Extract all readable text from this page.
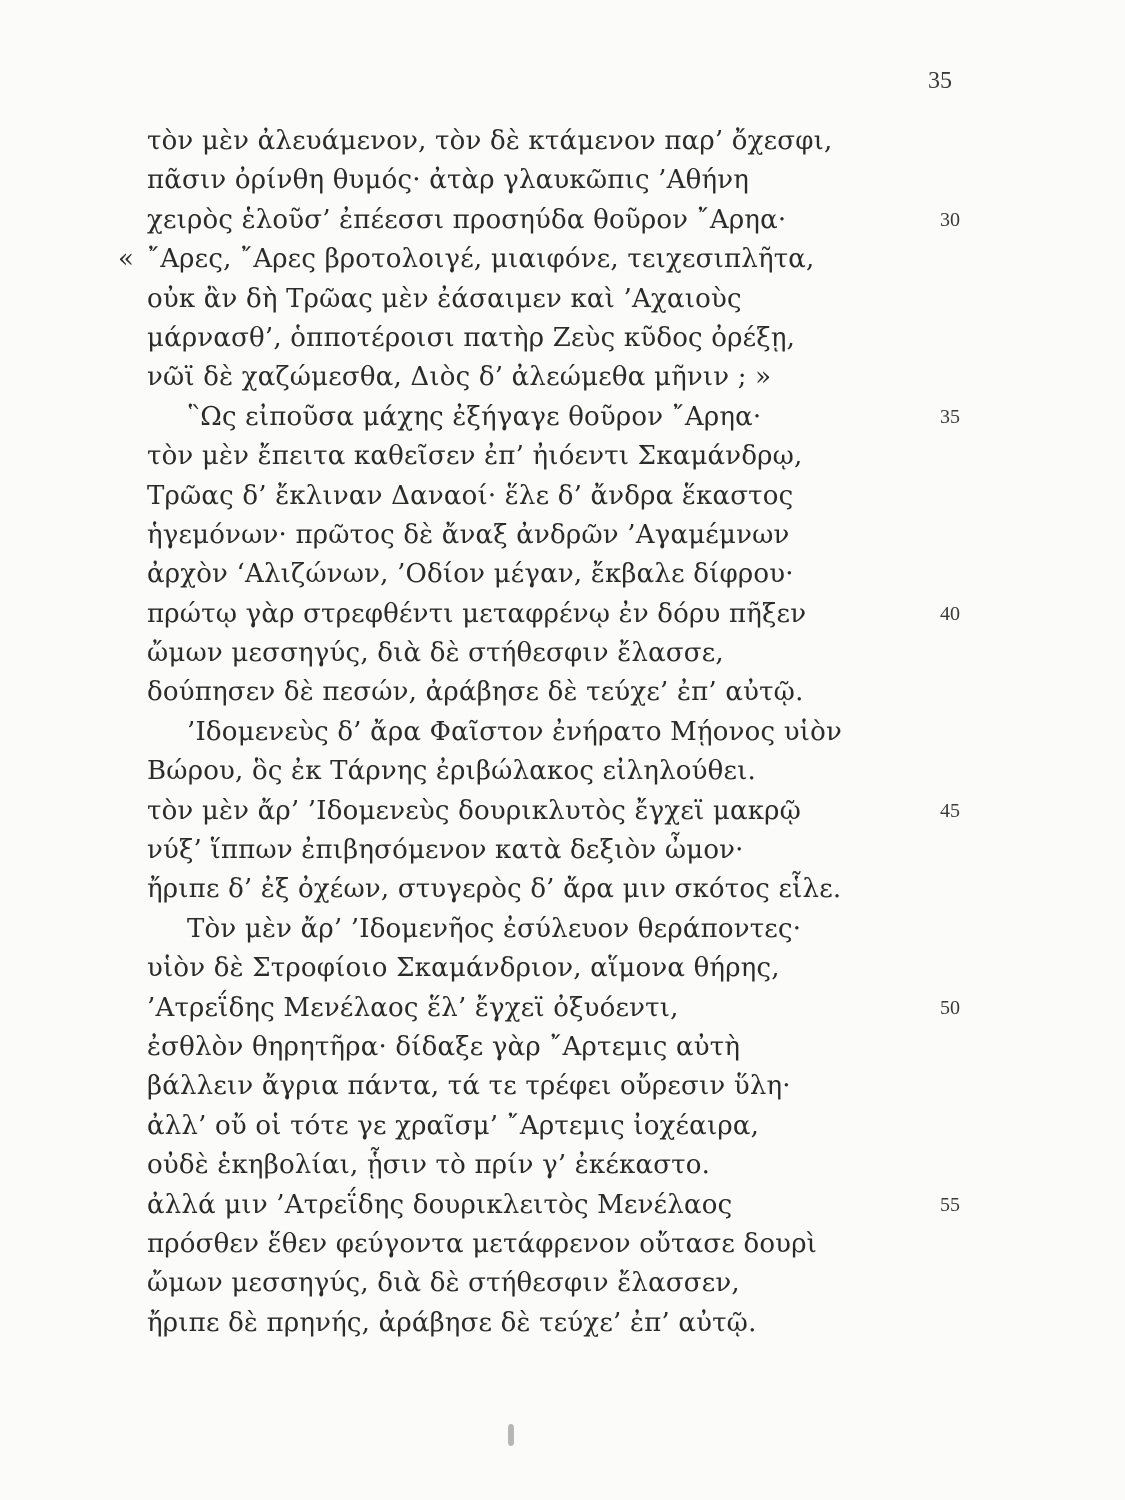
35
τὸν μὲν ἀλευάμενον, τὸν δὲ κτάμενον παρ’ ὄχεσφι,
πᾶσιν ὀρίνθη θυμός· ἀτὰρ γλαυκῶπις ’Αθήνη
χειρὸς ἑλοῦσ’ ἐπέεσσι προσηύδα θοῦρον ῎Αρηα·	30
« ῎Αρες, ῎Αρες βροτολοιγέ, μιαιφόνε, τειχεσιπλῆτα,
οὐκ ἂν δὴ Τρῶας μὲν ἐάσαιμεν καὶ ’Αχαιοὺς
μάρνασθ’, ὁπποτέροισι πατὴρ Ζεὺς κῦδος ὀρέξῃ,
νῶϊ δὲ χαζώμεσθα, Διὸς δ’ ἀλεώμεθα μῆνιν ; »
῝Ως εἰποῦσα μάχης ἐξήγαγε θοῦρον ῎Αρηα·	35
τὸν μὲν ἔπειτα καθεῖσεν ἐπ’ ἠιόεντι Σκαμάνδρῳ,
Τρῶας δ’ ἔκλιναν Δαναοί· ἕλε δ’ ἄνδρα ἕκαστος
ἡγεμόνων· πρῶτος δὲ ἄναξ ἀνδρῶν ’Αγαμέμνων
ἀρχὸν ‘Αλιζώνων, ’Οδίον μέγαν, ἔκβαλε δίφρου·
πρώτῳ γὰρ στρεφθέντι μεταφρένῳ ἐν δόρυ πῆξεν	40
ὤμων μεσσηγύς, διὰ δὲ στήθεσφιν ἔλασσε,
δούπησεν δὲ πεσών, ἀράβησε δὲ τεύχε’ ἐπ’ αὐτῷ.
’Ιδομενεὺς δ’ ἄρα Φαῖστον ἐνήρατο Μῄονος υἱὸν
Βώρου, ὃς ἐκ Τάρνης ἐριβώλακος εἰληλούθει.
τὸν μὲν ἄρ’ ’Ιδομενεὺς δουρικλυτὸς ἔγχεϊ μακρῷ	45
νύξ’ ἵππων ἐπιβησόμενον κατὰ δεξιὸν ὦμον·
ἤριπε δ’ ἐξ ὀχέων, στυγερὸς δ’ ἄρα μιν σκότος εἷλε.
Τὸν μὲν ἄρ’ ’Ιδομενῆος ἐσύλευον θεράποντες·
υἱὸν δὲ Στροφίοιο Σκαμάνδριον, αἵμονα θήρης,
’Ατρεΐδης Μενέλαος ἕλ’ ἔγχεϊ ὀξυόεντι,	50
ἐσθλὸν θηρητῆρα· δίδαξε γὰρ ῎Αρτεμις αὐτὴ
βάλλειν ἄγρια πάντα, τά τε τρέφει οὔρεσιν ὕλη·
ἀλλ’ οὔ οἱ τότε γε χραῖσμ’ ῎Αρτεμις ἰοχέαιρα,
οὐδὲ ἑκηβολίαι, ᾗσιν τὸ πρίν γ’ ἐκέκαστο.
ἀλλά μιν ’Ατρεΐδης δουρικλειτὸς Μενέλαος	55
πρόσθεν ἕθεν φεύγοντα μετάφρενον οὔτασε δουρὶ
ὤμων μεσσηγύς, διὰ δὲ στήθεσφιν ἔλασσεν,
ἤριπε δὲ πρηνής, ἀράβησε δὲ τεύχε’ ἐπ’ αὐτῷ.
